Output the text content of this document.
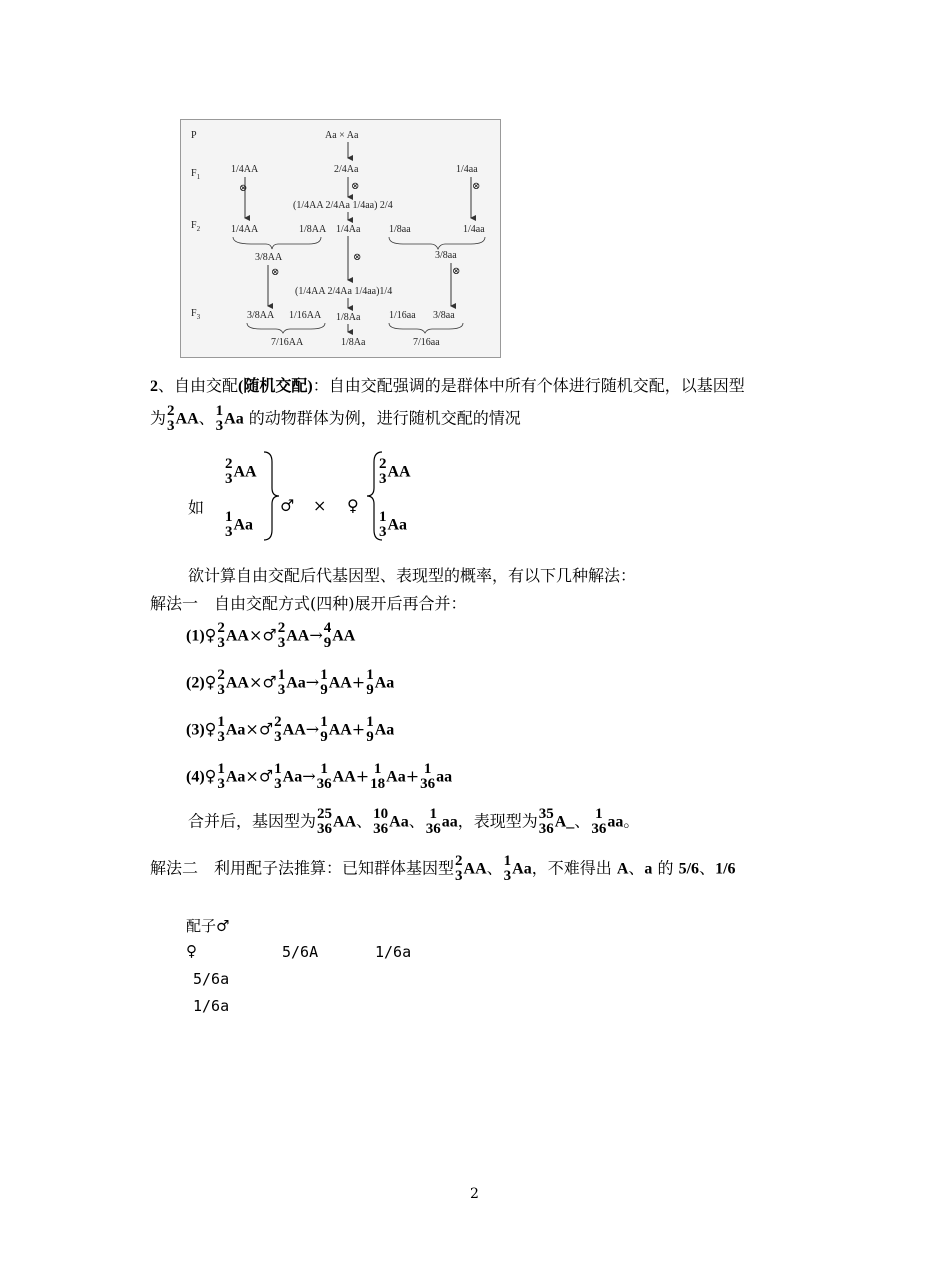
P
$F_1$
$F_2$
$F_3$
Aa × Aa
1/4AA	2/4Aa	1/4aa
⊗	⊗	⊗
(1/4AA 2/4Aa 1/4aa) 2/4
1/4AA	1/8AA 1/4Aa	1/8aa	1/4aa
3/8AA	3/8aa
⊗
⊗
⊗
(1/4AA 2/4Aa 1/4aa)1/4
3/8AA 1/16AA 1/8Aa	1/16aa 3/8aa
7/16AA	1/8Aa	7/16aa
2、自由交配(随机交配)：自由交配强调的是群体中所有个体进行随机交配，以基因型
为 2
3 AA、 1
3 Aa 的动物群体为例，进行随机交配的情况
如
2
3 AA
1
3 Aa
♂ × ♀
2
3 AA
1
3 Aa
欲计算自由交配后代基因型、表现型的概率，有以下几种解法：
解法一 自由交配方式(四种)展开后再合并：
(1)♀ 2
3 AA×♂ 2
3 AA→ 4
9 AA
(2)♀ 2
3 AA×♂ 1
3 Aa→ 1
9 AA+ 1
9 Aa
(3)♀ 1
3 Aa×♂ 2
3 AA→ 1
9 AA+ 1
9 Aa
(4)♀ 1
3 Aa×♂ 1
3 Aa→ 1
36 AA+ 1
18 Aa+ 1
36 aa
合并后，基因型为 25
36 AA、 10
36 Aa、 1
36 aa，表现型为 35
36 A_、 1
36 aa。
解法二 利用配子法推算：已知群体基因型 2
3 AA、 1
3 Aa，不难得出 A、a 的 5/6、1/6
配子♂
♀	5/6A	1/6a
5/6a
1/6a
2
